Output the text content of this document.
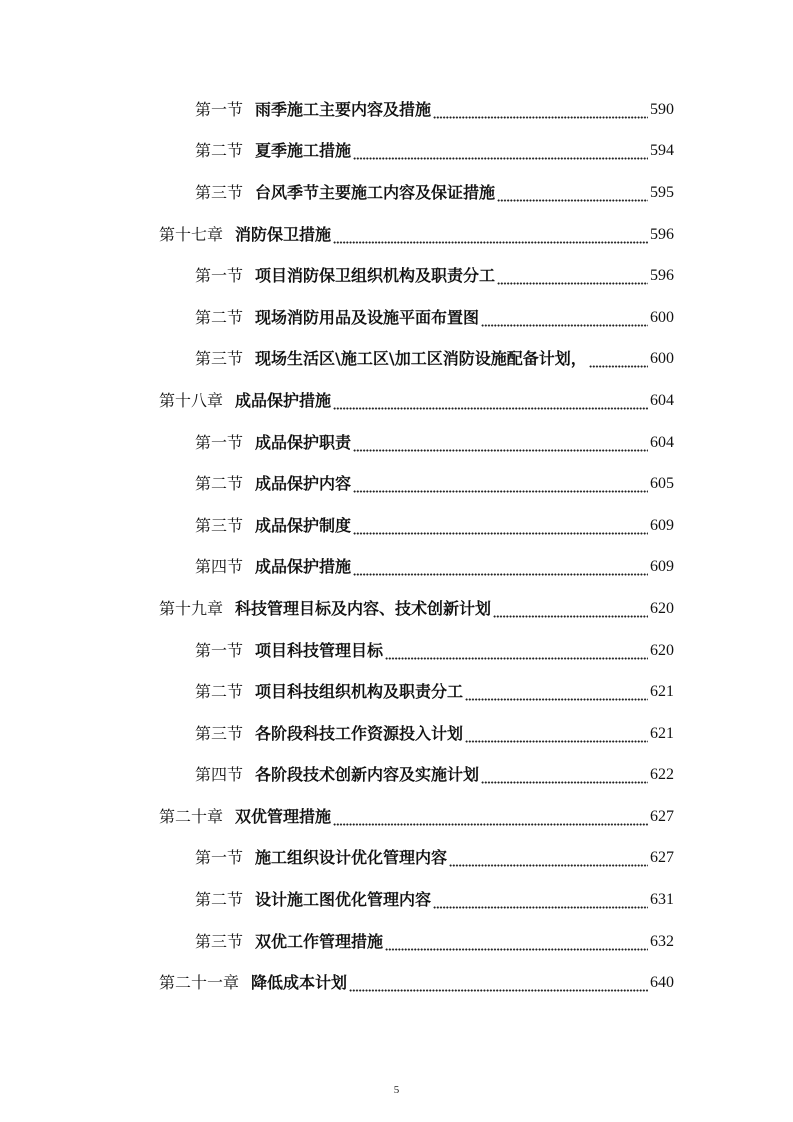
第一节 雨季施工主要内容及措施	590
第二节 夏季施工措施	594
第三节 台风季节主要施工内容及保证措施	595
第十七章 消防保卫措施	596
第一节 项目消防保卫组织机构及职责分工	596
第二节 现场消防用品及设施平面布置图	600
第三节 现场生活区\施工区\加工区消防设施配备计划，	600
第十八章 成品保护措施	604
第一节 成品保护职责	604
第二节 成品保护内容	605
第三节 成品保护制度	609
第四节 成品保护措施	609
第十九章 科技管理目标及内容、技术创新计划	620
第一节 项目科技管理目标	620
第二节 项目科技组织机构及职责分工	621
第三节 各阶段科技工作资源投入计划	621
第四节 各阶段技术创新内容及实施计划	622
第二十章 双优管理措施	627
第一节 施工组织设计优化管理内容	627
第二节 设计施工图优化管理内容	631
第三节 双优工作管理措施	632
第二十一章 降低成本计划	640
5
